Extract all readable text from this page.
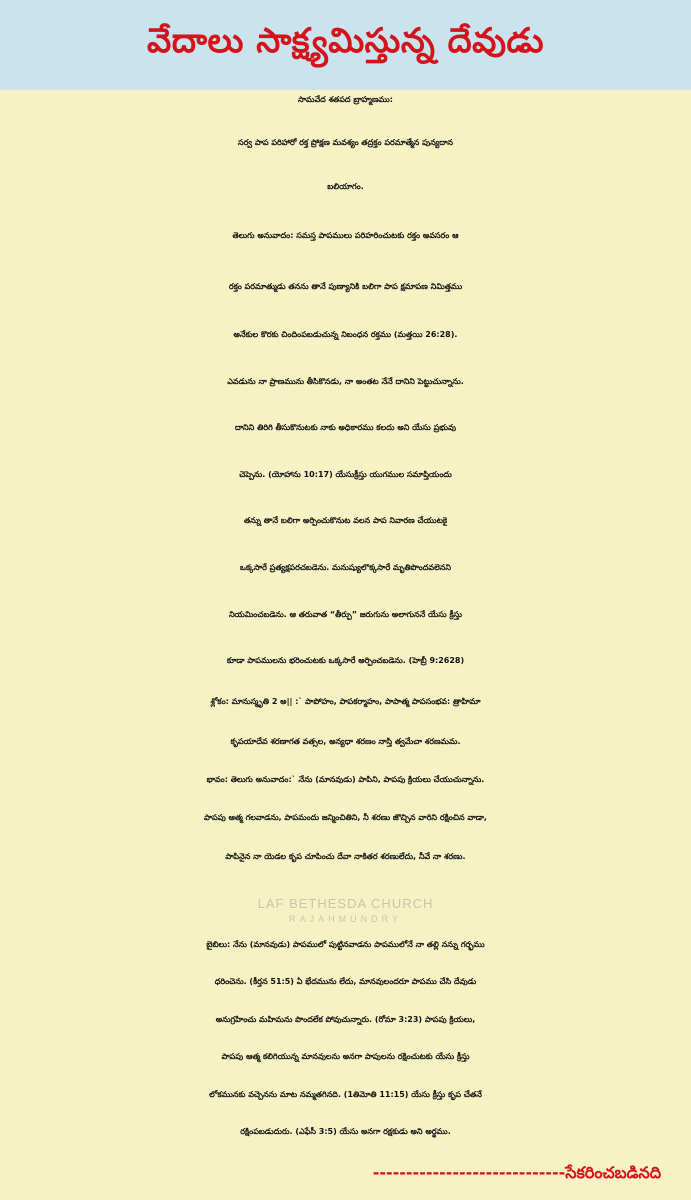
వేదాలు సాక్ష్యమిస్తున్న దేవుడు
సామవేద శతపద బ్రాహ్మణము:
సర్వ పాప పరిహారో రక్త ప్రోక్షణ మవశ్యం తద్రక్తం పరమాత్మేన పున్యదాన
బలియాగం.
తెలుగు అనువాదం: సమస్త పాపములు పరిహరించుటకు రక్తం అవసరం ఆ
రక్తం పరమాత్ముడు తనను తానే పుణ్యానికి బలిగా పాప క్షమాపణ నిమిత్తము
అనేకుల కొరకు చిందింపబడుచున్న నిబంధన రక్తము (మత్తయి 26:28).
ఎవడును నా ప్రాణమును తీసికొనడు, నా అంతట నేనే దానిని పెట్టుచున్నాను.
దానిని తిరిగి తీసుకొనుటకు నాకు అధికారము కలదు అని యేసు ప్రభువు
చెప్పెను. (యోహాను 10:17) యేసుక్రీస్తు యుగముల సమాప్తియందు
తన్ను తానే బలిగా అర్పించుకొనుట వలన పాప నివారణ చేయుటకై
ఒక్కసారే ప్రత్యక్షపరచబడెను. మనుష్యులొక్కసారే మృతిపొందవలెనని
నియమించబడెను. ఆ తరువాత “తీర్పు” జరుగును అలాగుననే యేసు క్రీస్తు
కూడా పాపములను భరించుటకు ఒక్కసారే అర్పించబడెను. (హెబ్రీ 9:2628)
శ్లోకం: మానుస్మృతి 2 అ|| :` పాపోహం, పాపకర్మాహం, పాపాత్మ పాపసంభవ: త్రాహిమా
కృపయాదేవ శరణాగత వత్సల, అన్యధా శరణం నాస్తి త్వమేచా శరణమమ.
భావం: తెలుగు అనువాదం:` నేను (మానవుడు) పాపిని, పాపపు క్రియలు చేయుచున్నాను.
పాపపు ఆత్మ గలవాడను, పాపమందు జన్మించితిని, నీ శరణు జొచ్చిన వారిని రక్షించిన వాడా,
పాపినైన నా యెడల కృప చూపించు దేవా నాకితర శరణులేదు, నీవే నా శరణు.
LAF BETHESDA CHURCH
RAJAHMUNDRY
బైబిలు: నేను (మానవుడు) పాపములో పుట్టినవాడను పాపములోనే నా తల్లి నన్ను గర్భము
ధరించెను. (కీర్తన 51:5) ఏ భేదమును లేదు, మానవులందరూ పాపము చేసి దేవుడు
అనుగ్రహించు మహిమను పొందలేక పోవుచున్నారు. (రోమా 3:23) పాపపు క్రియలు,
పాపపు ఆత్మ కలిగియున్న మానవులను అనగా పాపులను రక్షించుటకు యేసు క్రీస్తు
లోకమునకు వచ్చెనను మాట నమ్మతగినది. (1తిమోతి 11:15) యేసు క్రీస్తు కృప చేతనే
రక్షింపబడుదురు. (ఎఫేసీ 3:5) యేసు అనగా రక్షకుడు అని అర్థము.
-----------------------------సేకరించబడినది
